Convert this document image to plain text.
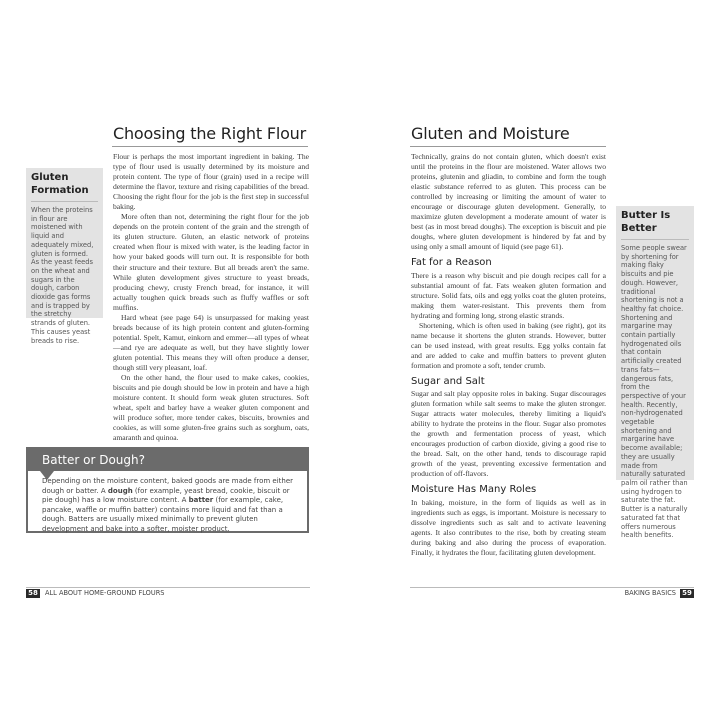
Choosing the Right Flour
Gluten Formation
When the proteins in flour are moistened with liquid and adequately mixed, gluten is formed. As the yeast feeds on the wheat and sugars in the dough, carbon dioxide gas forms and is trapped by the stretchy strands of gluten. This causes yeast breads to rise.

Flour is perhaps the most important ingredient in baking. The type of flour used is usually determined by its moisture and protein content. The type of flour (grain) used in a recipe will determine the flavor, texture and rising capabilities of the bread. Choosing the right flour for the job is the first step in successful baking.

More often than not, determining the right flour for the job depends on the protein content of the grain and the strength of its gluten structure. Gluten, an elastic network of proteins created when flour is mixed with water, is the leading factor in how your baked goods will turn out. It is responsible for both their structure and their texture. But all breads aren't the same. While gluten development gives structure to yeast breads, producing chewy, crusty French bread, for instance, it will actually toughen quick breads such as fluffy waffles or soft muffins.

Hard wheat (see page 64) is unsurpassed for making yeast breads because of its high protein content and gluten-forming potential. Spelt, Kamut, einkorn and emmer—all types of wheat—and rye are adequate as well, but they have slightly lower gluten potential. This means they will often produce a denser, though still very pleasant, loaf.

On the other hand, the flour used to make cakes, cookies, biscuits and pie dough should be low in protein and have a high moisture content. It should form weak gluten structures. Soft wheat, spelt and barley have a weaker gluten component and will produce softer, more tender cakes, biscuits, brownies and cookies, as will some gluten-free grains such as sorghum, oats, amaranth and quinoa.

Batter or Dough?
Depending on the moisture content, baked goods are made from either dough or batter. A dough (for example, yeast bread, cookie, biscuit or pie dough) has a low moisture content. A batter (for example, cake, pancake, waffle or muffin batter) contains more liquid and fat than a dough. Batters are usually mixed minimally to prevent gluten development and bake into a softer, moister product.
58	ALL ABOUT HOME-GROUND FLOURS
Gluten and Moisture

Technically, grains do not contain gluten, which doesn't exist until the proteins in the flour are moistened. Water allows two proteins, glutenin and gliadin, to combine and form the tough elastic substance referred to as gluten. This process can be controlled by increasing or limiting the amount of water to encourage or discourage gluten development. Generally, to maximize gluten development a moderate amount of water is best (as in most bread doughs). The exception is biscuit and pie doughs, where gluten development is hindered by fat and by using only a small amount of liquid (see page 61).

Fat for a Reason

There is a reason why biscuit and pie dough recipes call for a substantial amount of fat. Fats weaken gluten formation and structure. Solid fats, oils and egg yolks coat the gluten proteins, making them water-resistant. This prevents them from hydrating and forming long, strong elastic strands.

Shortening, which is often used in baking (see right), got its name because it shortens the gluten strands. However, butter can be used instead, with great results. Egg yolks contain fat and are added to cake and muffin batters to prevent gluten formation and promote a soft, tender crumb.

Sugar and Salt

Sugar and salt play opposite roles in baking. Sugar discourages gluten formation while salt seems to make the gluten stronger. Sugar attracts water molecules, thereby limiting a liquid's ability to hydrate the proteins in the flour. Sugar also promotes the growth and fermentation process of yeast, which encourages production of carbon dioxide, giving a good rise to the bread. Salt, on the other hand, tends to discourage rapid growth of the yeast, preventing excessive fermentation and production of off-flavors.

Moisture Has Many Roles

In baking, moisture, in the form of liquids as well as in ingredients such as eggs, is important. Moisture is necessary to dissolve ingredients such as salt and to activate leavening agents. It also contributes to the rise, both by creating steam during baking and also during the process of evaporation. Finally, it hydrates the flour, facilitating gluten development.

Butter Is Better
Some people swear by shortening for making flaky biscuits and pie dough. However, traditional shortening is not a healthy fat choice. Shortening and margarine may contain partially hydrogenated oils that contain artificially created trans fats—dangerous fats, from the perspective of your health. Recently, non-hydrogenated vegetable shortening and margarine have become available; they are usually made from naturally saturated palm oil rather than using hydrogen to saturate the fat. Butter is a naturally saturated fat that offers numerous health benefits.
BAKING BASICS 59
